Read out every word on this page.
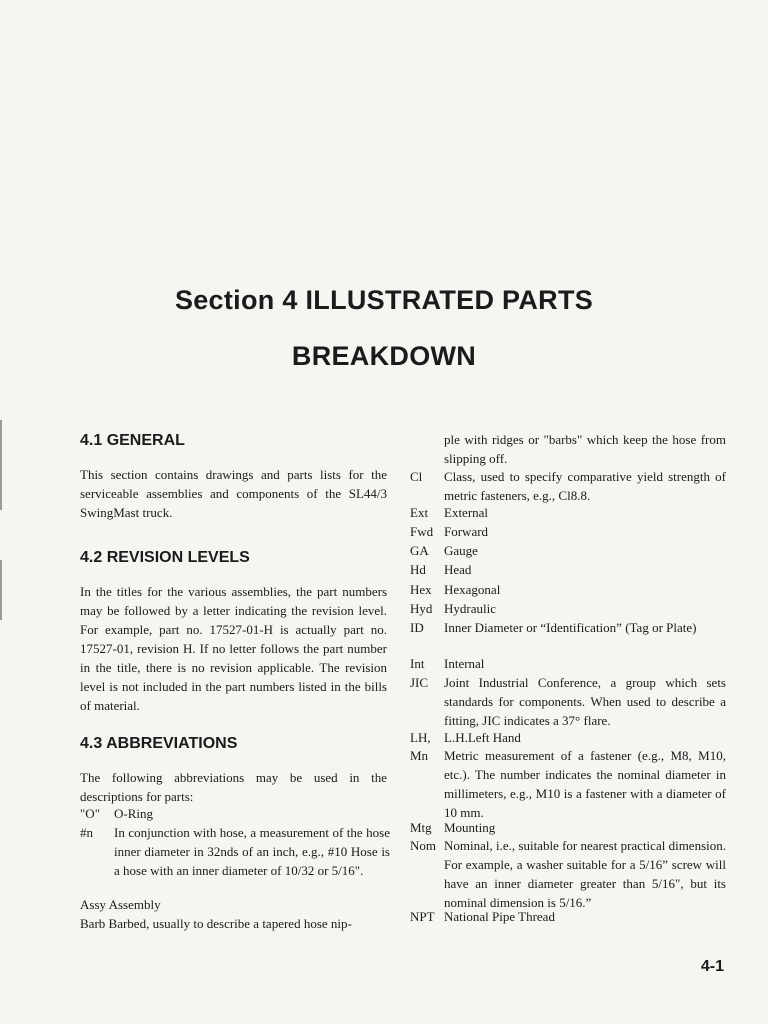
Section 4 ILLUSTRATED PARTS
BREAKDOWN
4.1 GENERAL

This section contains drawings and parts lists for the serviceable assemblies and components of the SL44/3 SwingMast truck.

4.2 REVISION LEVELS

In the titles for the various assemblies, the part numbers may be followed by a letter indicating the revision level. For example, part no. 17527-01-H is actually part no. 17527-01, revision H. If no letter follows the part number in the title, there is no revision applicable. The revision level is not included in the part numbers listed in the bills of material.

4.3 ABBREVIATIONS

The following abbreviations may be used in the descriptions for parts:

"O" O-Ring
#n In conjunction with hose, a measurement of the hose inner diameter in 32nds of an inch, e.g., #10 Hose is a hose with an inner diameter of 10/32 or 5/16".
Assy Assembly
Barb Barbed, usually to describe a tapered hose nip-
ple with ridges or "barbs" which keep the hose from slipping off.
Cl Class, used to specify comparative yield strength of metric fasteners, e.g., Cl8.8.
Ext External
Fwd Forward
GA Gauge
Hd Head
Hex Hexagonal
Hyd Hydraulic
ID Inner Diameter or “Identification” (Tag or Plate)
Int Internal
JIC Joint Industrial Conference, a group which sets standards for components. When used to describe a fitting, JIC indicates a 37° flare.
LH, L.H.Left Hand
Mn Metric measurement of a fastener (e.g., M8, M10, etc.). The number indicates the nominal diameter in millimeters, e.g., M10 is a fastener with a diameter of 10 mm.
Mtg Mounting
Nom Nominal, i.e., suitable for nearest practical dimension. For example, a washer suitable for a 5/16” screw will have an inner diameter greater than 5/16", but its nominal dimension is 5/16.”
NPT National Pipe Thread
4-1
